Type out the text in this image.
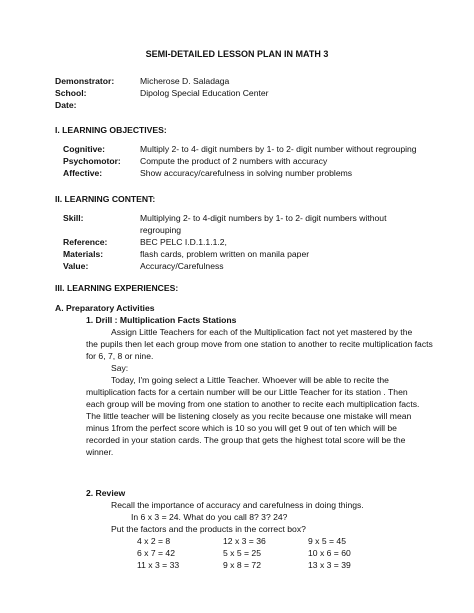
SEMI-DETAILED LESSON PLAN IN MATH 3
Demonstrator:	Micherose D. Saladaga
School:	Dipolog Special Education Center
Date:
I. LEARNING OBJECTIVES:
Cognitive:	Multiply 2- to 4- digit numbers by 1- to 2- digit number without regrouping
Psychomotor: Compute the product of 2 numbers with accuracy
Affective:	Show accuracy/carefulness in solving number problems
II. LEARNING CONTENT:
Skill:	Multiplying 2- to 4-digit numbers by 1- to 2- digit numbers without
regrouping
Reference:	BEC PELC I.D.1.1.1.2,
Materials:	flash cards, problem written on manila paper
Value:	Accuracy/Carefulness
III. LEARNING EXPERIENCES:
A. Preparatory Activities
1. Drill : Multiplication Facts Stations
Assign Little Teachers for each of the Multiplication fact not yet mastered by the
the pupils then let each group move from one station to another to recite multiplication facts
for 6, 7, 8 or nine.
Say:
Today, I'm going select a Little Teacher. Whoever will be able to recite the
multiplication facts for a certain number will be our Little Teacher for its station . Then
each group will be moving from one station to another to recite each multiplication facts.
The little teacher will be listening closely as you recite because one mistake will mean
minus 1from the perfect score which is 10 so you will get 9 out of ten which will be
recorded in your station cards. The group that gets the highest total score will be the
winner.
2. Review
Recall the importance of accuracy and carefulness in doing things.
In 6 x 3 = 24. What do you call 8? 3? 24?
Put the factors and the products in the correct box?
4 x 2 = 8	12 x 3 = 36	9 x 5 = 45
6 x 7 = 42	5 x 5 = 25	10 x 6 = 60
11 x 3 = 33	9 x 8 = 72	13 x 3 = 39
